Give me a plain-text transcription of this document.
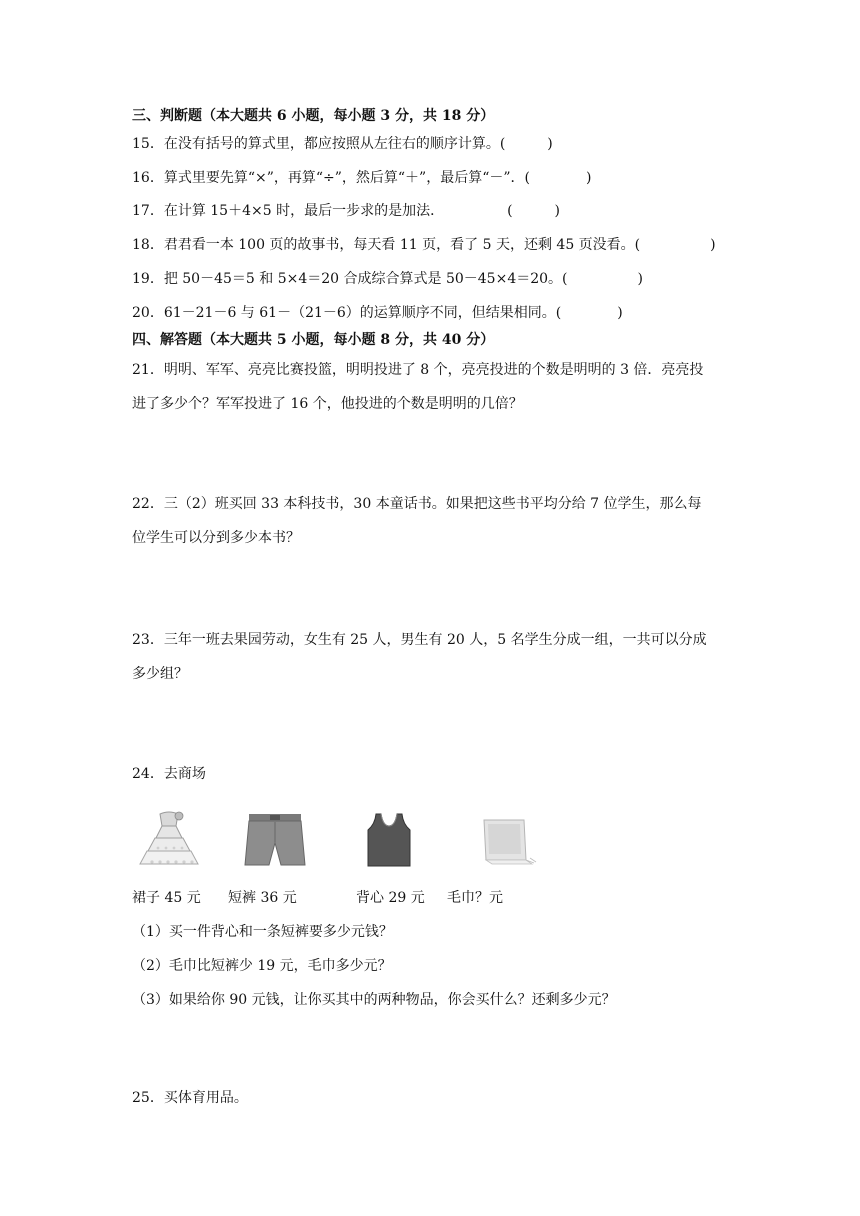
三、判断题（本大题共 6 小题，每小题 3 分，共 18 分）
15．在没有括号的算式里，都应按照从左往右的顺序计算。(　　　)
16．算式里要先算“×”，再算“÷”，然后算“＋”，最后算“－”．(　　　　)
17．在计算 15＋4×5 时，最后一步求的是加法．　　　　　(　　　)
18．君君看一本 100 页的故事书，每天看 11 页，看了 5 天，还剩 45 页没看。(　　　　　)
19．把 50－45＝5 和 5×4＝20 合成综合算式是 50－45×4＝20。(　　　　　)
20．61－21－6 与 61－（21－6）的运算顺序不同，但结果相同。(　　　　)
四、解答题（本大题共 5 小题，每小题 8 分，共 40 分）
21．明明、军军、亮亮比赛投篮，明明投进了 8 个，亮亮投进的个数是明明的 3 倍．亮亮投
进了多少个？军军投进了 16 个，他投进的个数是明明的几倍？
22．三（2）班买回 33 本科技书，30 本童话书。如果把这些书平均分给 7 位学生，那么每
位学生可以分到多少本书？
23．三年一班去果园劳动，女生有 25 人，男生有 20 人，5 名学生分成一组，一共可以分成
多少组？
24．去商场
裙子 45 元 短裤 36 元	背心 29 元 毛巾？元
（1）买一件背心和一条短裤要多少元钱？
（2）毛巾比短裤少 19 元，毛巾多少元？
（3）如果给你 90 元钱，让你买其中的两种物品，你会买什么？还剩多少元？
25．买体育用品。
